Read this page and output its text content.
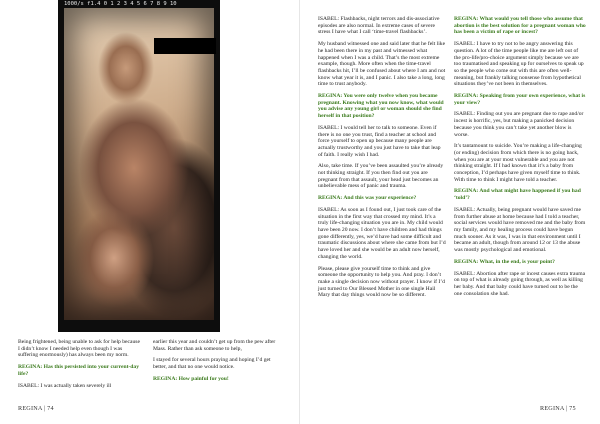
1000/s f1.4 0 1 2 3 4 5 6 7 8 9 10

Being frightened, being unable to ask for help because I didn’t know I needed help even though I was suffering enormously) has always been my norm.

REGINA: Has this persisted into your current-day life?

ISABEL: I was actually taken severely ill

earlier this year and couldn’t get up from the pew after Mass. Rather than ask someone to help,

I stayed for several hours praying and hoping I’d get better, and that no one would notice.

REGINA: How painful for you!

REGINA | 74

ISABEL: Flashbacks, night terrors and dis-associative episodes are also normal. In extreme cases of severe stress I have what I call ‘time-travel flashbacks’.

My husband witnessed one and said later that he felt like he had been there in my past and witnessed what happened when I was a child. That’s the most extreme example, though. More often when the time-travel flashbacks hit, I’ll be confused about where I am and not know what year it is, and I panic. I also take a long, long time to trust anybody.

REGINA: You were only twelve when you became pregnant. Knowing what you now know, what would you advise any young girl or woman should she find herself in that position?

ISABEL: I would tell her to talk to someone. Even if there is no one you trust, find a teacher at school and force yourself to open up because many people are actually trustworthy and you just have to take that leap of faith. I really wish I had.

Also, take time. If you’ve been assaulted you’re already not thinking straight. If you then find out you are pregnant from that assault, your head just becomes an unbelievable mess of panic and trauma.

REGINA: And this was your experience?

ISABEL: As soon as I found out, I just took care of the situation in the first way that crossed my mind. It’s a truly life-changing situation you are in. My child would have been 20 now. I don’t have children and had things gone differently, yes, we’d have had some difficult and traumatic discussions about where she came from but I’d have loved her and she would be an adult now herself, changing the world.

Please, please give yourself time to think and give someone the opportunity to help you. And pray. I don’t make a single decision now without prayer. I know if I’d just turned to Our Blessed Mother in one single Hail Mary that day things would now be so different.

REGINA: What would you tell those who assume that abortion is the best solution for a pregnant woman who has been a victim of rape or incest?

ISABEL: I have to try not to be angry answering this question. A lot of the time people like me are left out of the pro-life/pro-choice argument simply because we are too traumatised and speaking up for ourselves to speak up so the people who come out with this are often well-meaning, but frankly talking nonsense from hypothetical situations they’ve not been in themselves.

REGINA: Speaking from your own experience, what is your view?

ISABEL: Finding out you are pregnant due to rape and/or incest is horrific, yes, but making a panicked decision because you think you can’t take yet another blow is worse.

It’s tantamount to suicide. You’re making a life-changing (or ending) decision from which there is no going back, when you are at your most vulnerable and you are not thinking straight. If I had known that it’s a baby from conception, I’d perhaps have given myself time to think. With time to think I might have told a teacher.

REGINA: And what might have happened if you had ‘told’?

ISABEL: Actually, being pregnant would have saved me from further abuse at home because had I told a teacher, social services would have removed me and the baby from my family, and my healing process could have begun much sooner. As it was, I was in that environment until I became an adult, though from around 12 or 13 the abuse was mostly psychological and emotional.

REGINA: What, in the end, is your point?

ISABEL: Abortion after rape or incest causes extra trauma on top of what is already going through, as well as killing her baby. And that baby could have turned out to be the one consolation she had.

REGINA | 75
